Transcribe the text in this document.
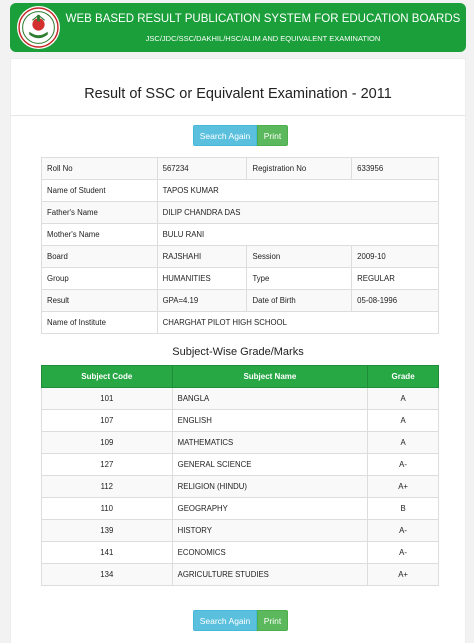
WEB BASED RESULT PUBLICATION SYSTEM FOR EDUCATION BOARDS
JSC/JDC/SSC/DAKHIL/HSC/ALIM AND EQUIVALENT EXAMINATION
Result of SSC or Equivalent Examination - 2011
Search Again	Print
Roll No	567234	Registration No	633956
Name of Student	TAPOS KUMAR		
Father's Name	DILIP CHANDRA DAS		
Mother's Name	BULU RANI		
Board	RAJSHAHI	Session	2009-10
Group	HUMANITIES	Type	REGULAR
Result	GPA=4.19	Date of Birth	05-08-1996
Name of Institute	CHARGHAT PILOT HIGH SCHOOL		
Subject-Wise Grade/Marks
Subject Code	Subject Name	Grade
101	BANGLA	A
107	ENGLISH	A
109	MATHEMATICS	A
127	GENERAL SCIENCE	A-
112	RELIGION (HINDU)	A+
110	GEOGRAPHY	B
139	HISTORY	A-
141	ECONOMICS	A-
134	AGRICULTURE STUDIES	A+
Search Again	Print
